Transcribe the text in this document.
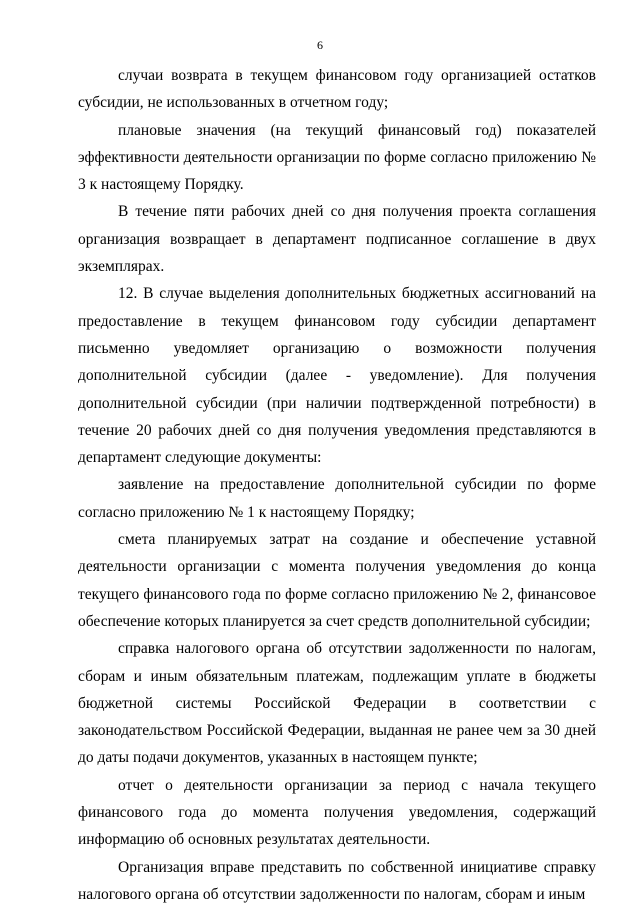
6

случаи возврата в текущем финансовом году организацией остатков субсидии, не использованных в отчетном году;

плановые значения (на текущий финансовый год) показателей эффективности деятельности организации по форме согласно приложению № 3 к настоящему Порядку.

В течение пяти рабочих дней со дня получения проекта соглашения организация возвращает в департамент подписанное соглашение в двух экземплярах.

12. В случае выделения дополнительных бюджетных ассигнований на предоставление в текущем финансовом году субсидии департамент письменно уведомляет организацию о возможности получения дополнительной субсидии (далее - уведомление). Для получения дополнительной субсидии (при наличии подтвержденной потребности) в течение 20 рабочих дней со дня получения уведомления представляются в департамент следующие документы:

заявление на предоставление дополнительной субсидии по форме согласно приложению № 1 к настоящему Порядку;

смета планируемых затрат на создание и обеспечение уставной деятельности организации с момента получения уведомления до конца текущего финансового года по форме согласно приложению № 2, финансовое обеспечение которых планируется за счет средств дополнительной субсидии;

справка налогового органа об отсутствии задолженности по налогам, сборам и иным обязательным платежам, подлежащим уплате в бюджеты бюджетной системы Российской Федерации в соответствии с законодательством Российской Федерации, выданная не ранее чем за 30 дней до даты подачи документов, указанных в настоящем пункте;

отчет о деятельности организации за период с начала текущего финансового года до момента получения уведомления, содержащий информацию об основных результатах деятельности.

Организация вправе представить по собственной инициативе справку налогового органа об отсутствии задолженности по налогам, сборам и иным
